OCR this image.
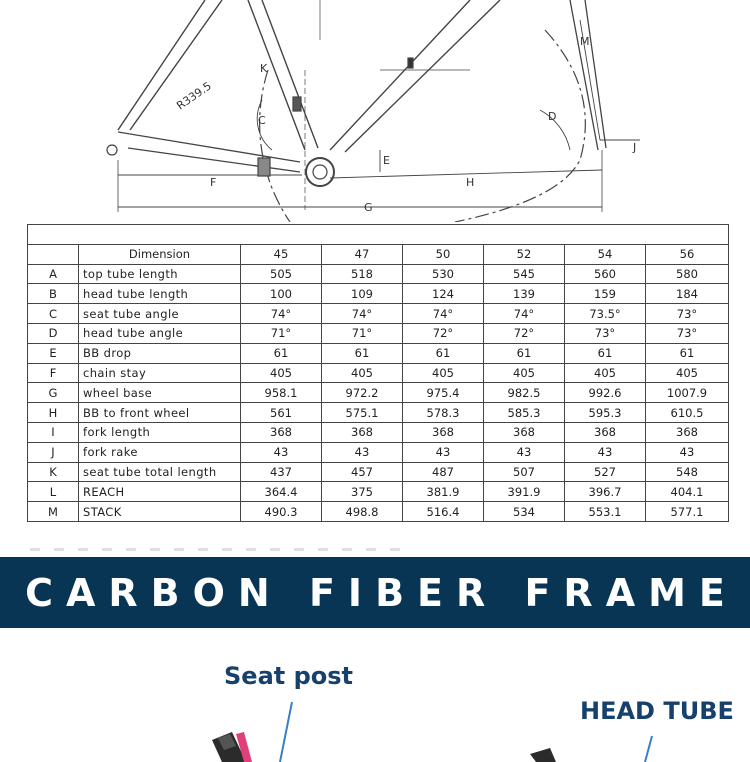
R339.5
C
K
F
G
H
E
D
M
J

	Dimension	45	47	50	52	54	56
A	top tube length	505	518	530	545	560	580
B	head tube length	100	109	124	139	159	184
C	seat tube angle	74°	74°	74°	74°	73.5°	73°
D	head tube angle	71°	71°	72°	72°	73°	73°
E	BB drop	61	61	61	61	61	61
F	chain stay	405	405	405	405	405	405
G	wheel base	958.1	972.2	975.4	982.5	992.6	1007.9
H	BB to front wheel	561	575.1	578.3	585.3	595.3	610.5
I	fork length	368	368	368	368	368	368
J	fork rake	43	43	43	43	43	43
K	seat tube total length	437	457	487	507	527	548
L	REACH	364.4	375	381.9	391.9	396.7	404.1
M	STACK	490.3	498.8	516.4	534	553.1	577.1
CARBON FIBER FRAME
Seat post
HEAD TUBE
